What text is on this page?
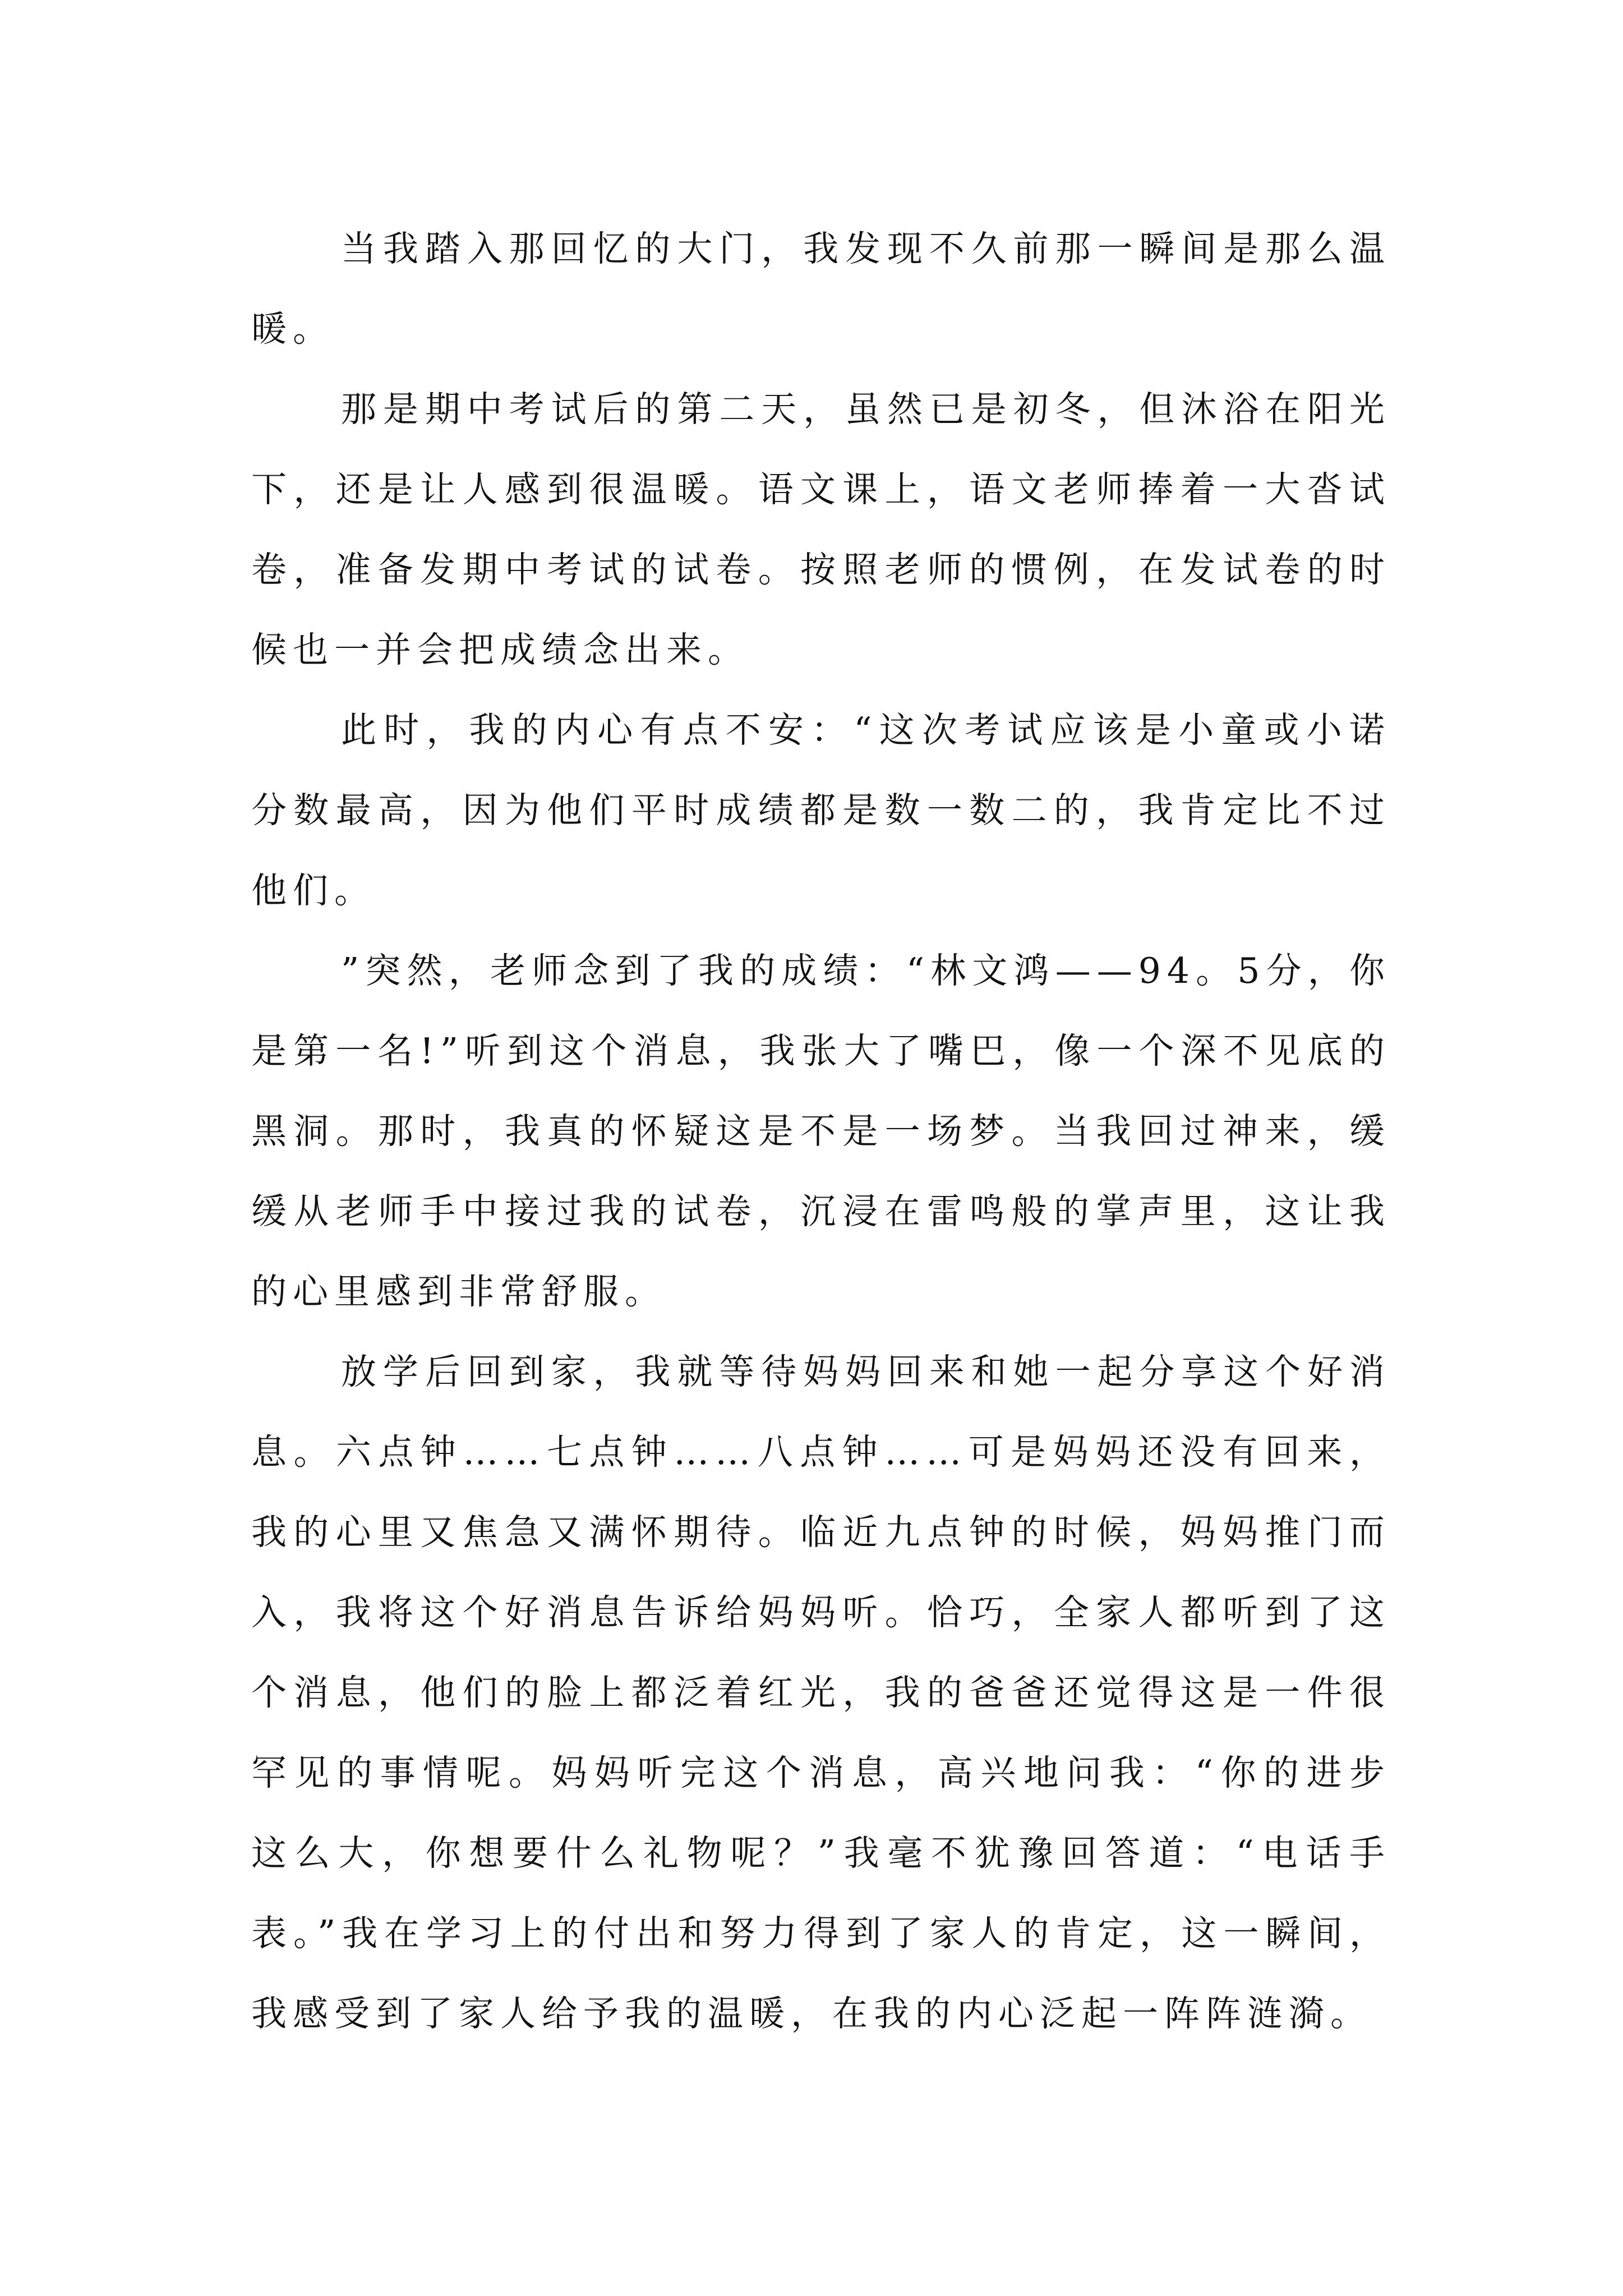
当我踏入那回忆的大门，我发现不久前那一瞬间是那么温暖。

那是期中考试后的第二天，虽然已是初冬，但沐浴在阳光下，还是让人感到很温暖。语文课上，语文老师捧着一大沓试卷，准备发期中考试的试卷。按照老师的惯例，在发试卷的时候也一并会把成绩念出来。

此时，我的内心有点不安：“这次考试应该是小童或小诺分数最高，因为他们平时成绩都是数一数二的，我肯定比不过他们。

”突然，老师念到了我的成绩：“林文鸿——94。5分，你是第一名!”听到这个消息，我张大了嘴巴，像一个深不见底的黑洞。那时，我真的怀疑这是不是一场梦。当我回过神来，缓缓从老师手中接过我的试卷，沉浸在雷鸣般的掌声里，这让我的心里感到非常舒服。

放学后回到家，我就等待妈妈回来和她一起分享这个好消息。六点钟……七点钟……八点钟……可是妈妈还没有回来，我的心里又焦急又满怀期待。临近九点钟的时候，妈妈推门而入，我将这个好消息告诉给妈妈听。恰巧，全家人都听到了这个消息，他们的脸上都泛着红光，我的爸爸还觉得这是一件很罕见的事情呢。妈妈听完这个消息，高兴地问我：“你的进步这么大，你想要什么礼物呢？”我毫不犹豫回答道：“电话手表。”我在学习上的付出和努力得到了家人的肯定，这一瞬间，我感受到了家人给予我的温暖，在我的内心泛起一阵阵涟漪。
